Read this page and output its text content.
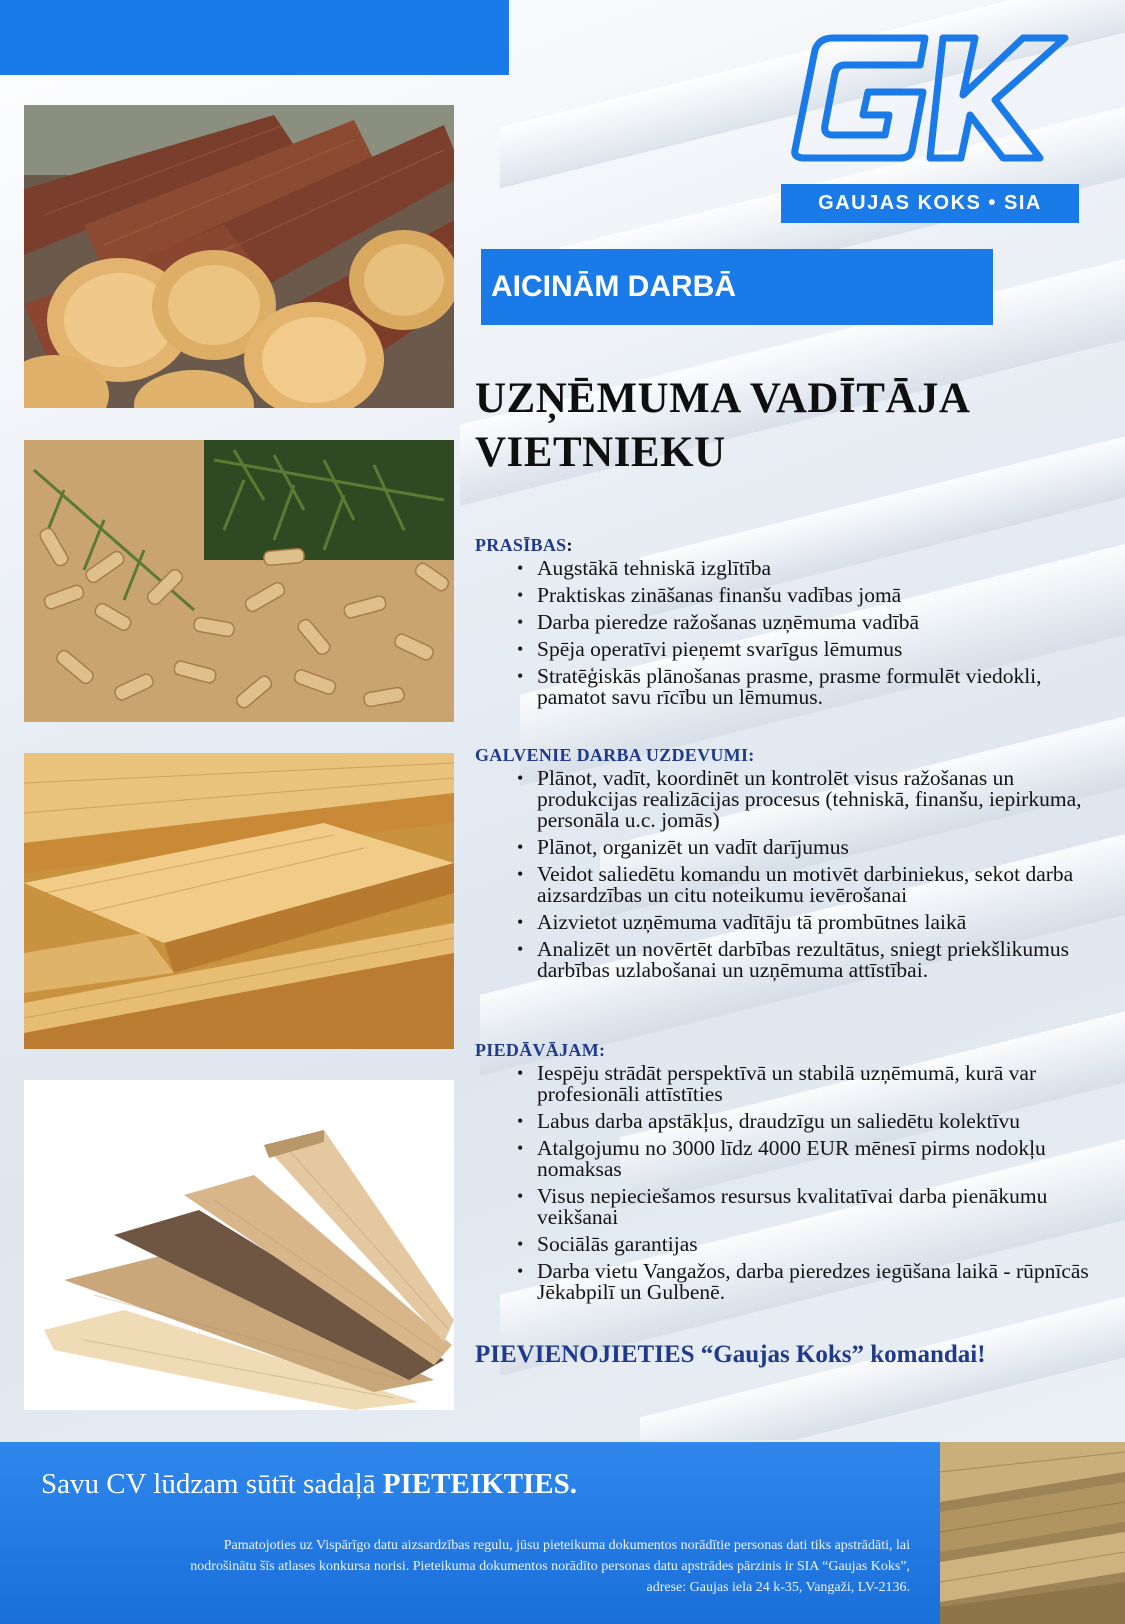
GAUJAS KOKS • SIA
AICINĀM DARBĀ
UZŅĒMUMA VADĪTĀJA
VIETNIEKU
PRASĪBAS:
• Augstākā tehniskā izglītība
• Praktiskas zināšanas finanšu vadības jomā
• Darba pieredze ražošanas uzņēmuma vadībā
• Spēja operatīvi pieņemt svarīgus lēmumus
• Stratēģiskās plānošanas prasme, prasme formulēt viedokli, pamatot savu rīcību un lēmumus.
GALVENIE DARBA UZDEVUMI:
• Plānot, vadīt, koordinēt un kontrolēt visus ražošanas un produkcijas realizācijas procesus (tehniskā, finanšu, iepirkuma, personāla u.c. jomās)
• Plānot, organizēt un vadīt darījumus
• Veidot saliedētu komandu un motivēt darbiniekus, sekot darba aizsardzības un citu noteikumu ievērošanai
• Aizvietot uzņēmuma vadītāju tā prombūtnes laikā
• Analizēt un novērtēt darbības rezultātus, sniegt priekšlikumus darbības uzlabošanai un uzņēmuma attīstībai.
PIEDĀVĀJAM:
• Iespēju strādāt perspektīvā un stabilā uzņēmumā, kurā var profesionāli attīstīties
• Labus darba apstākļus, draudzīgu un saliedētu kolektīvu
• Atalgojumu no 3000 līdz 4000 EUR mēnesī pirms nodokļu nomaksas
• Visus nepieciešamos resursus kvalitatīvai darba pienākumu veikšanai
• Sociālās garantijas
• Darba vietu Vangažos, darba pieredzes iegūšana laikā - rūpnīcās Jēkabpilī un Gulbenē.
PIEVIENOJIETIES “Gaujas Koks” komandai!
Savu CV lūdzam sūtīt sadaļā PIETEIKTIES.
Pamatojoties uz Vispārīgo datu aizsardzības regulu, jūsu pieteikuma dokumentos norādītie personas dati tiks apstrādāti, lai
nodrošinātu šīs atlases konkursa norisi. Pieteikuma dokumentos norādīto personas datu apstrādes pārzinis ir SIA “Gaujas Koks”,
adrese: Gaujas iela 24 k-35, Vangaži, LV-2136.
